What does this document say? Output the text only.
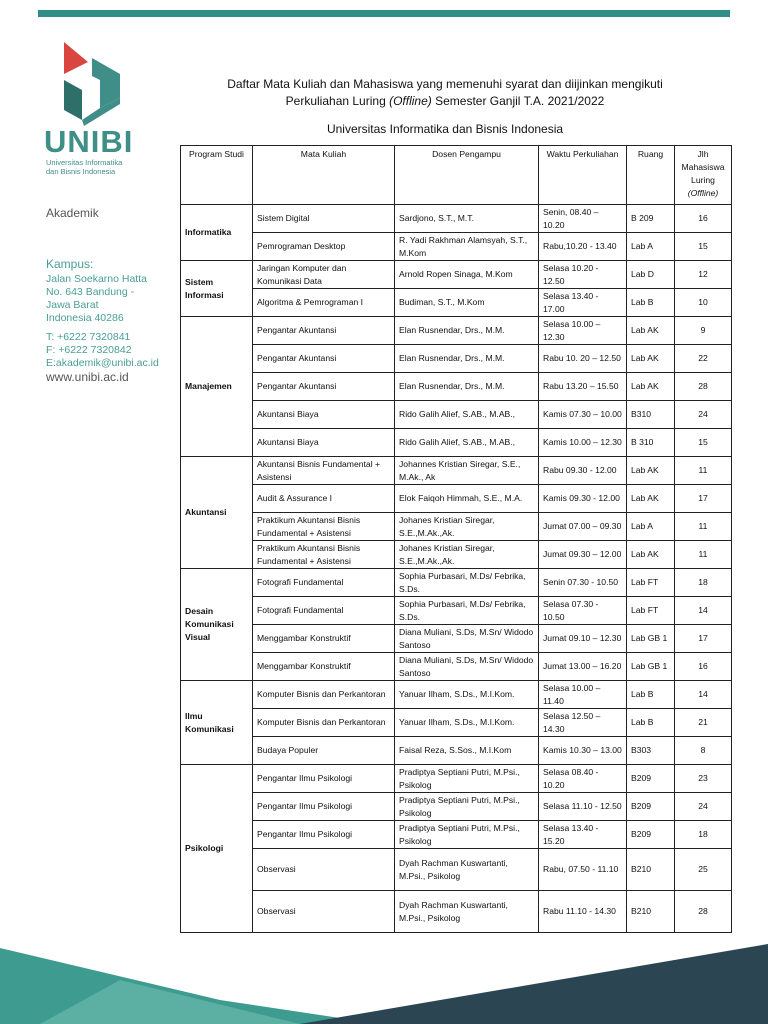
UNIBI
Universitas Informatika
dan Bisnis Indonesia
Akademik
Kampus:
Jalan Soekarno Hatta
No. 643 Bandung -
Jawa Barat
Indonesia 40286
T: +6222 7320841
F: +6222 7320842
E:akademik@unibi.ac.id
www.unibi.ac.id
Daftar Mata Kuliah dan Mahasiswa yang memenuhi syarat dan diijinkan mengikuti
Perkuliahan Luring (Offline) Semester Ganjil T.A. 2021/2022
Universitas Informatika dan Bisnis Indonesia
Program Studi	Mata Kuliah	Dosen Pengampu	Waktu Perkuliahan	Ruang	Jlh Mahasiswa Luring
(Offline)
Informatika	Sistem Digital	Sardjono, S.T., M.T.	Senin, 08.40 – 10.20	B 209	16
	Pemrograman Desktop	R. Yadi Rakhman Alamsyah, S.T., M.Kom	Rabu,10.20 - 13.40	Lab A	15
Sistem Informasi	Jaringan Komputer dan Komunikasi Data	Arnold Ropen Sinaga, M.Kom	Selasa 10.20 - 12.50	Lab D	12
	Algoritma & Pemrograman I	Budiman, S.T., M.Kom	Selasa 13.40 - 17.00	Lab B	10
Manajemen	Pengantar Akuntansi	Elan Rusnendar, Drs., M.M.	Selasa 10.00 – 12.30	Lab AK	9
	Pengantar Akuntansi	Elan Rusnendar, Drs., M.M.	Rabu 10. 20 – 12.50	Lab AK	22
	Pengantar Akuntansi	Elan Rusnendar, Drs., M.M.	Rabu 13.20 – 15.50	Lab AK	28
	Akuntansi Biaya	Rido Galih Alief, S.AB., M.AB.,	Kamis 07.30 – 10.00	B310	24
	Akuntansi Biaya	Rido Galih Alief, S.AB., M.AB.,	Kamis 10.00 – 12.30	B 310	15
Akuntansi	Akuntansi Bisnis Fundamental + Asistensi	Johannes Kristian Siregar, S.E., M.Ak., Ak	Rabu 09.30 - 12.00	Lab AK	11
	Audit & Assurance I	Elok Faiqoh Himmah, S.E., M.A.	Kamis 09.30 - 12.00	Lab AK	17
	Praktikum Akuntansi Bisnis Fundamental + Asistensi	Johanes Kristian Siregar, S.E.,M.Ak.,Ak.	Jumat 07.00 – 09.30	Lab A	11
	Praktikum Akuntansi Bisnis Fundamental + Asistensi	Johanes Kristian Siregar, S.E.,M.Ak.,Ak.	Jumat 09.30 – 12.00	Lab AK	11
Desain Komunikasi Visual	Fotografi Fundamental	Sophia Purbasari, M.Ds/ Febrika, S.Ds.	Senin 07.30 - 10.50	Lab FT	18
	Fotografi Fundamental	Sophia Purbasari, M.Ds/ Febrika, S.Ds.	Selasa 07.30 - 10.50	Lab FT	14
	Menggambar Konstruktif	Diana Muliani, S.Ds, M.Sn/ Widodo Santoso	Jumat 09.10 – 12.30	Lab GB 1	17
	Menggambar Konstruktif	Diana Muliani, S.Ds, M.Sn/ Widodo Santoso	Jumat 13.00 – 16.20	Lab GB 1	16
Ilmu Komunikasi	Komputer Bisnis dan Perkantoran	Yanuar Ilham, S.Ds., M.I.Kom.	Selasa 10.00 – 11.40	Lab B	14
	Komputer Bisnis dan Perkantoran	Yanuar Ilham, S.Ds., M.I.Kom.	Selasa 12.50 – 14.30	Lab B	21
	Budaya Populer	Faisal Reza, S.Sos., M.I.Kom	Kamis 10.30 – 13.00	B303	8
Psikologi	Pengantar Ilmu Psikologi	Pradiptya Septiani Putri, M.Psi., Psikolog	Selasa 08.40 - 10.20	B209	23
	Pengantar Ilmu Psikologi	Pradiptya Septiani Putri, M.Psi., Psikolog	Selasa 11.10 - 12.50	B209	24
	Pengantar Ilmu Psikologi	Pradiptya Septiani Putri, M.Psi., Psikolog	Selasa 13.40 - 15.20	B209	18
	Observasi	Dyah Rachman Kuswartanti, M.Psi., Psikolog	Rabu, 07.50 - 11.10	B210	25
	Observasi	Dyah Rachman Kuswartanti, M.Psi., Psikolog	Rabu 11.10 - 14.30	B210	28
